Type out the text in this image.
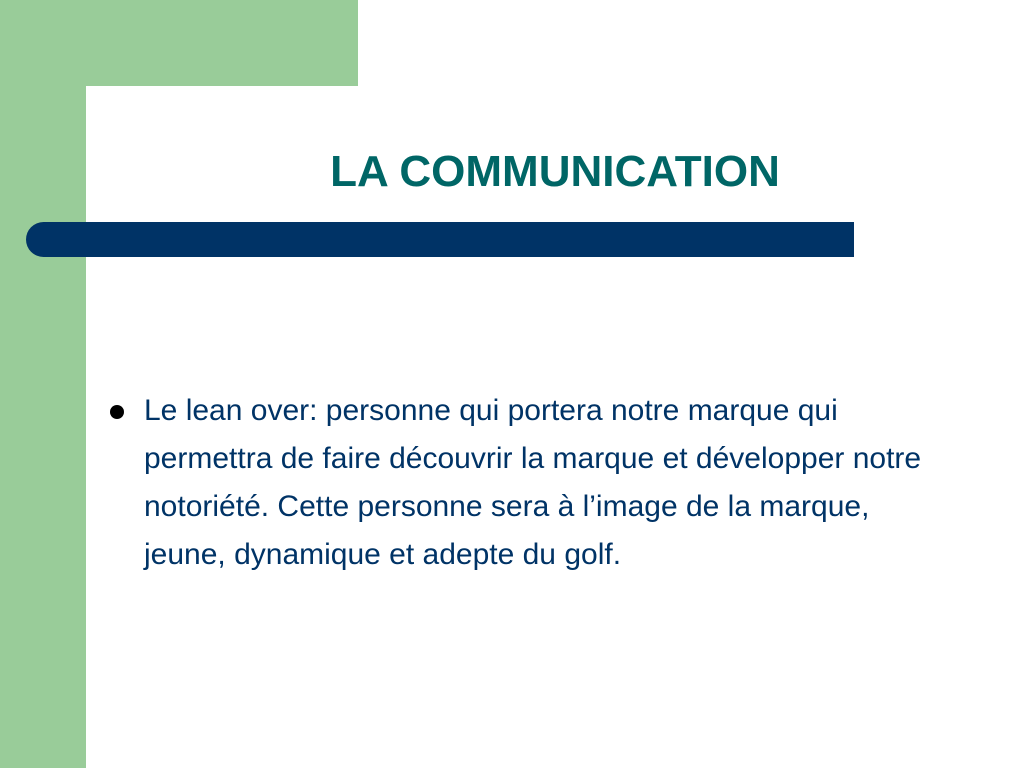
LA COMMUNICATION

Le lean over: personne qui portera notre marque qui permettra de faire découvrir la marque et développer notre notoriété. Cette personne sera à l’image de la marque, jeune, dynamique et adepte du golf.
